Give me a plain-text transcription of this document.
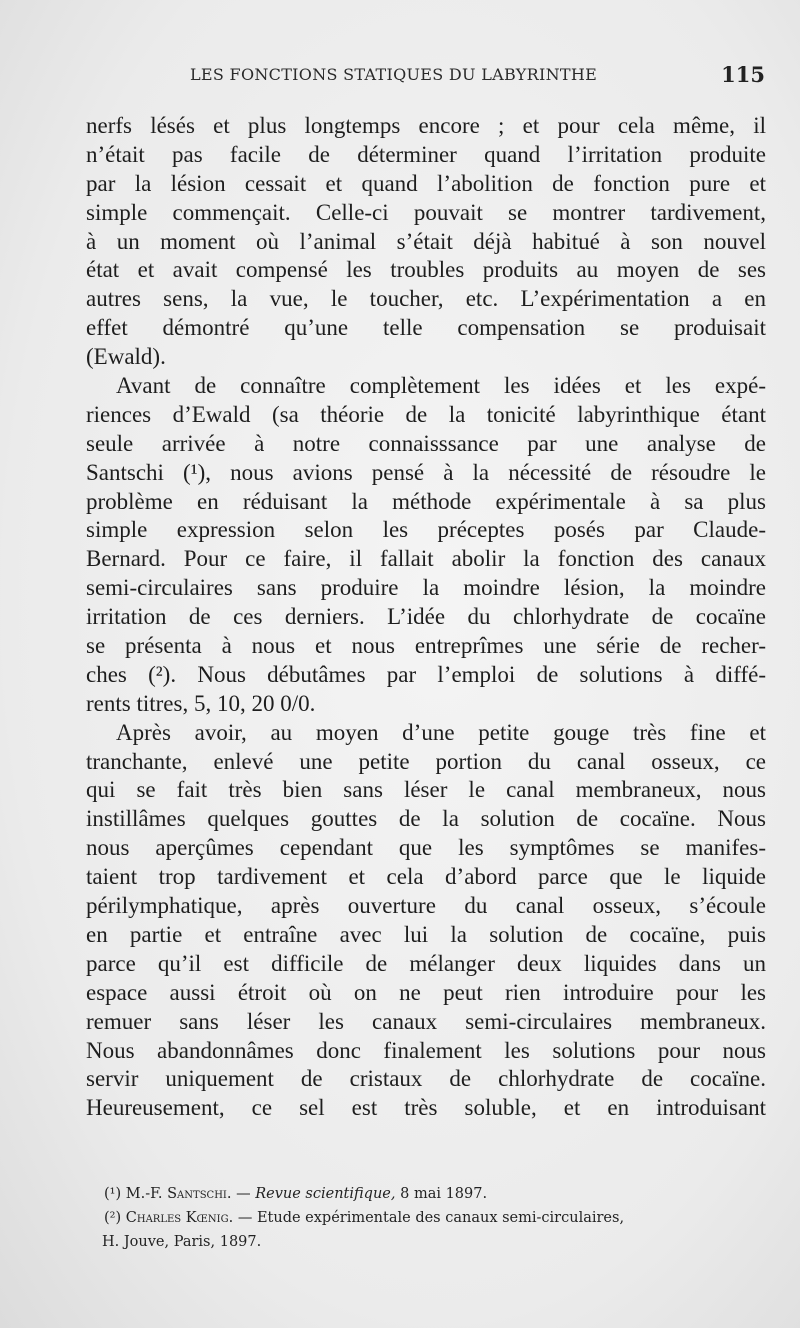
LES FONCTIONS STATIQUES DU LABYRINTHE	115
nerfs lésés et plus longtemps encore ; et pour cela même, il
n’était pas facile de déterminer quand l’irritation produite
par la lésion cessait et quand l’abolition de fonction pure et
simple commençait. Celle-ci pouvait se montrer tardivement,
à un moment où l’animal s’était déjà habitué à son nouvel
état et avait compensé les troubles produits au moyen de ses
autres sens, la vue, le toucher, etc. L’expérimentation a en
effet démontré qu’une telle compensation se produisait
(Ewald).
Avant de connaître complètement les idées et les expé-
riences d’Ewald (sa théorie de la tonicité labyrinthique étant
seule arrivée à notre connaisssance par une analyse de
Santschi (¹), nous avions pensé à la nécessité de résoudre le
problème en réduisant la méthode expérimentale à sa plus
simple expression selon les préceptes posés par Claude-
Bernard. Pour ce faire, il fallait abolir la fonction des canaux
semi-circulaires sans produire la moindre lésion, la moindre
irritation de ces derniers. L’idée du chlorhydrate de cocaïne
se présenta à nous et nous entreprîmes une série de recher-
ches (²). Nous débutâmes par l’emploi de solutions à diffé-
rents titres, 5, 10, 20 0/0.
Après avoir, au moyen d’une petite gouge très fine et
tranchante, enlevé une petite portion du canal osseux, ce
qui se fait très bien sans léser le canal membraneux, nous
instillâmes quelques gouttes de la solution de cocaïne. Nous
nous aperçûmes cependant que les symptômes se manifes-
taient trop tardivement et cela d’abord parce que le liquide
périlymphatique, après ouverture du canal osseux, s’écoule
en partie et entraîne avec lui la solution de cocaïne, puis
parce qu’il est difficile de mélanger deux liquides dans un
espace aussi étroit où on ne peut rien introduire pour les
remuer sans léser les canaux semi-circulaires membraneux.
Nous abandonnâmes donc finalement les solutions pour nous
servir uniquement de cristaux de chlorhydrate de cocaïne.
Heureusement, ce sel est très soluble, et en introduisant
(¹) M.-F. Santschi. — Revue scientifique, 8 mai 1897.
(²) Charles Kœnig. — Etude expérimentale des canaux semi-circulaires,
H. Jouve, Paris, 1897.
